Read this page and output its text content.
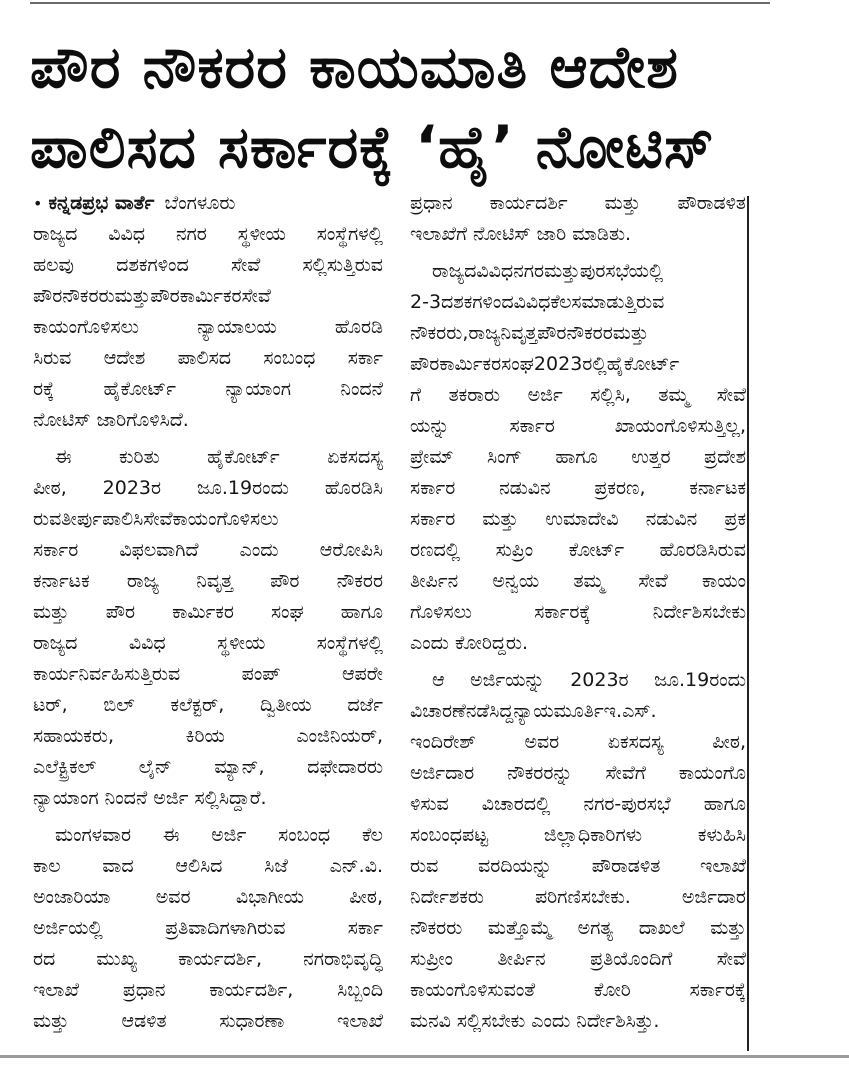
ಪೌರ ನೌಕರರ ಕಾಯಮಾತಿ ಆದೇಶ
ಪಾಲಿಸದ ಸರ್ಕಾರಕ್ಕೆ ‘ಹೈ’ ನೋಟಿಸ್
• ಕನ್ನಡಪ್ರಭ ವಾರ್ತೆ ಬೆಂಗಳೂರು
ರಾಜ್ಯದ ವಿವಿಧ ನಗರ ಸ್ಥಳೀಯ ಸಂಸ್ಥೆಗಳಲ್ಲಿ
ಹಲವು ದಶಕಗಳಿಂದ ಸೇವೆ ಸಲ್ಲಿಸುತ್ತಿರುವ
ಪೌರನೌಕರರುಮತ್ತುಪೌರಕಾರ್ಮಿಕರಸೇವೆ
ಕಾಯಂಗೊಳಿಸಲು ನ್ಯಾಯಾಲಯ ಹೊರಡಿ
ಸಿರುವ ಆದೇಶ ಪಾಲಿಸದ ಸಂಬಂಧ ಸರ್ಕಾ
ರಕ್ಕೆ ಹೈಕೋರ್ಟ್ ನ್ಯಾಯಾಂಗ ನಿಂದನೆ
ನೋಟಿಸ್ ಜಾರಿಗೊಳಿಸಿದೆ.
ಈ ಕುರಿತು ಹೈಕೋರ್ಟ್ ಏಕಸದಸ್ಯ
ಪೀಠ, 2023ರ ಜೂ.19ರಂದು ಹೊರಡಿಸಿ
ರುವತೀರ್ಪುಪಾಲಿಸಿಸೇವೆಕಾಯಂಗೊಳಿಸಲು
ಸರ್ಕಾರ ವಿಫಲವಾಗಿದೆ ಎಂದು ಆರೋಪಿಸಿ
ಕರ್ನಾಟಕ ರಾಜ್ಯ ನಿವೃತ್ತ ಪೌರ ನೌಕರರ
ಮತ್ತು ಪೌರ ಕಾರ್ಮಿಕರ ಸಂಘ ಹಾಗೂ
ರಾಜ್ಯದ ವಿವಿಧ ಸ್ಥಳೀಯ ಸಂಸ್ಥೆಗಳಲ್ಲಿ
ಕಾರ್ಯನಿರ್ವಹಿಸುತ್ತಿರುವ ಪಂಪ್ ಆಪರೇ
ಟರ್, ಬಿಲ್ ಕಲೆಕ್ಟರ್, ದ್ವಿತೀಯ ದರ್ಜೆ
ಸಹಾಯಕರು, ಕಿರಿಯ ಎಂಜಿನಿಯರ್,
ಎಲೆಕ್ಟ್ರಿಕಲ್ ಲೈನ್ ಮ್ಯಾನ್, ದಫೇದಾರರು
ನ್ಯಾಯಾಂಗ ನಿಂದನೆ ಅರ್ಜಿ ಸಲ್ಲಿಸಿದ್ದಾರೆ.
ಮಂಗಳವಾರ ಈ ಅರ್ಜಿ ಸಂಬಂಧ ಕೆಲ
ಕಾಲ ವಾದ ಆಲಿಸಿದ ಸಿಜೆ ಎನ್.ವಿ.
ಅಂಜಾರಿಯಾ ಅವರ ವಿಭಾಗೀಯ ಪೀಠ,
ಅರ್ಜಿಯಲ್ಲಿ ಪ್ರತಿವಾದಿಗಳಾಗಿರುವ ಸರ್ಕಾ
ರದ ಮುಖ್ಯ ಕಾರ್ಯದರ್ಶಿ, ನಗರಾಭಿವೃದ್ಧಿ
ಇಲಾಖೆ ಪ್ರಧಾನ ಕಾರ್ಯದರ್ಶಿ, ಸಿಬ್ಬಂದಿ
ಮತ್ತು ಆಡಳಿತ ಸುಧಾರಣಾ ಇಲಾಖೆ
ಪ್ರಧಾನ ಕಾರ್ಯದರ್ಶಿ ಮತ್ತು ಪೌರಾಡಳಿತ
ಇಲಾಖೆಗೆ ನೋಟಿಸ್ ಜಾರಿ ಮಾಡಿತು.
ರಾಜ್ಯದವಿವಿಧನಗರಮತ್ತುಪುರಸಭೆಯಲ್ಲಿ
2-3ದಶಕಗಳಿಂದವಿವಿಧಕೆಲಸಮಾಡುತ್ತಿರುವ
ನೌಕರರು,ರಾಜ್ಯನಿವೃತ್ತಪೌರನೌಕರರಮತ್ತು
ಪೌರಕಾರ್ಮಿಕರಸಂಘ2023ರಲ್ಲಿಹೈಕೋರ್ಟ್
ಗೆ ತಕರಾರು ಅರ್ಜಿ ಸಲ್ಲಿಸಿ, ತಮ್ಮ ಸೇವೆ
ಯನ್ನು ಸರ್ಕಾರ ಖಾಯಂಗೊಳಿಸುತ್ತಿಲ್ಲ,
ಪ್ರೇಮ್ ಸಿಂಗ್ ಹಾಗೂ ಉತ್ತರ ಪ್ರದೇಶ
ಸರ್ಕಾರ ನಡುವಿನ ಪ್ರಕರಣ, ಕರ್ನಾಟಕ
ಸರ್ಕಾರ ಮತ್ತು ಉಮಾದೇವಿ ನಡುವಿನ ಪ್ರಕ
ರಣದಲ್ಲಿ ಸುಪ್ರಿಂ ಕೋರ್ಟ್ ಹೊರಡಿಸಿರುವ
ತೀರ್ಪಿನ ಅನ್ವಯ ತಮ್ಮ ಸೇವೆ ಕಾಯಂ
ಗೊಳಿಸಲು ಸರ್ಕಾರಕ್ಕೆ ನಿರ್ದೇಶಿಸಬೇಕು
ಎಂದು ಕೋರಿದ್ದರು.
ಆ ಅರ್ಜಿಯನ್ನು 2023ರ ಜೂ.19ರಂದು
ವಿಚಾರಣೆನಡೆಸಿದ್ದನ್ಯಾಯಮೂರ್ತಿಇ.ಎಸ್.
ಇಂದಿರೇಶ್ ಅವರ ಏಕಸದಸ್ಯ ಪೀಠ,
ಅರ್ಜಿದಾರ ನೌಕರರನ್ನು ಸೇವೆಗೆ ಕಾಯಂಗೊ
ಳಿಸುವ ವಿಚಾರದಲ್ಲಿ ನಗರ-ಪುರಸಭೆ ಹಾಗೂ
ಸಂಬಂಧಪಟ್ಟ ಜಿಲ್ಲಾಧಿಕಾರಿಗಳು ಕಳುಹಿಸಿ
ರುವ ವರದಿಯನ್ನು ಪೌರಾಡಳಿತ ಇಲಾಖೆ
ನಿರ್ದೇಶಕರು ಪರಿಗಣಿಸಬೇಕು. ಅರ್ಜಿದಾರ
ನೌಕರರು ಮತ್ತೊಮ್ಮೆ ಅಗತ್ಯ ದಾಖಲೆ ಮತ್ತು
ಸುಪ್ರೀಂ ತೀರ್ಪಿನ ಪ್ರತಿಯೊಂದಿಗೆ ಸೇವೆ
ಕಾಯಂಗೊಳಿಸುವಂತೆ ಕೋರಿ ಸರ್ಕಾರಕ್ಕೆ
ಮನವಿ ಸಲ್ಲಿಸಬೇಕು ಎಂದು ನಿರ್ದೇಶಿಸಿತ್ತು.
